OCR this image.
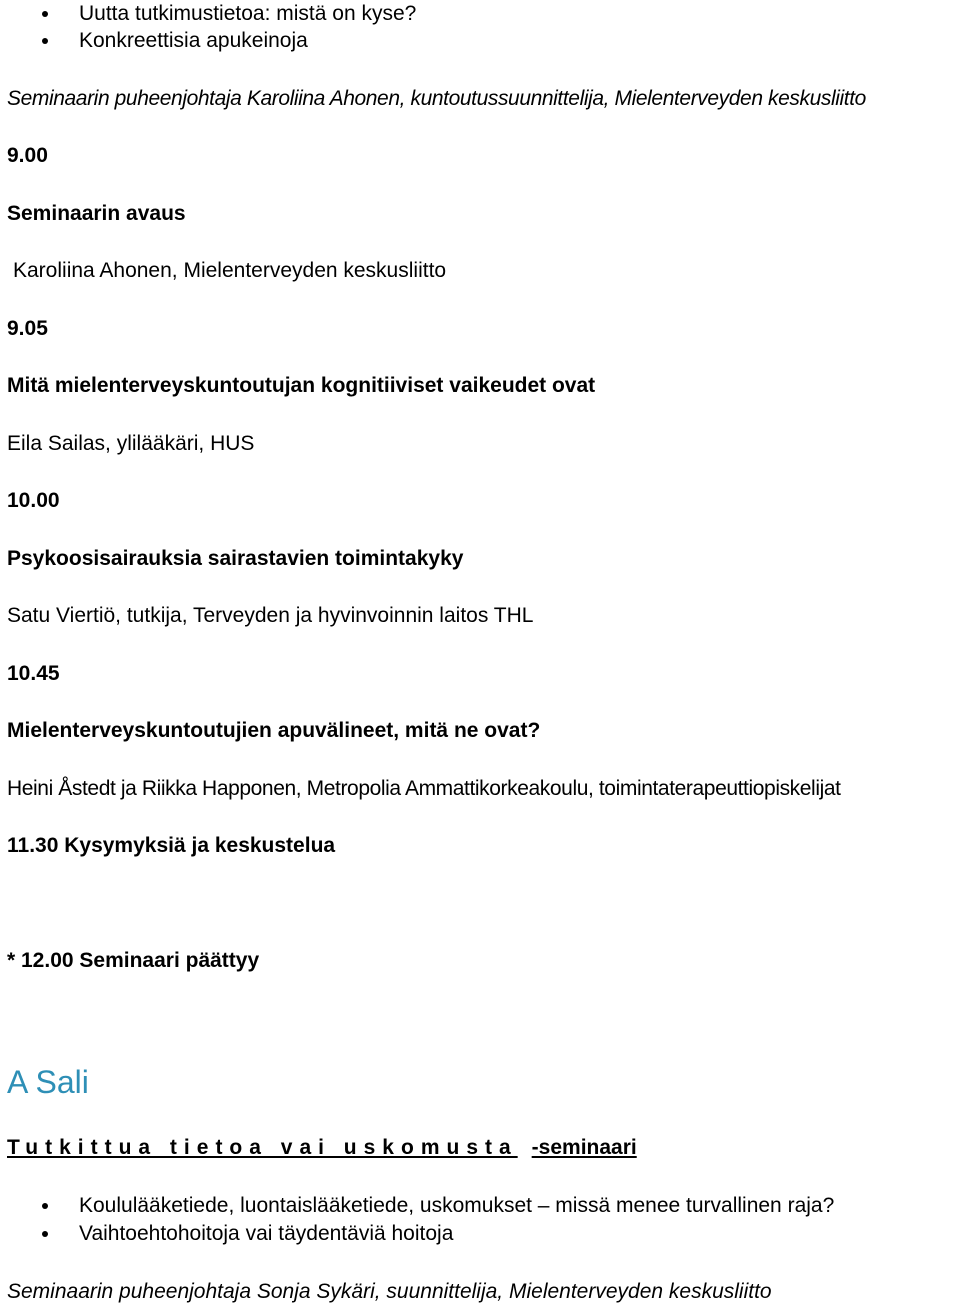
Uutta tutkimustietoa: mistä on kyse?
Konkreettisia apukeinoja
Seminaarin puheenjohtaja Karoliina Ahonen, kuntoutussuunnittelija, Mielenterveyden keskusliitto
9.00
Seminaarin avaus
Karoliina Ahonen, Mielenterveyden keskusliitto
9.05
Mitä mielenterveyskuntoutujan kognitiiviset vaikeudet ovat
Eila Sailas, ylilääkäri, HUS
10.00
Psykoosisairauksia sairastavien toimintakyky
Satu Viertiö, tutkija, Terveyden ja hyvinvoinnin laitos THL
10.45
Mielenterveyskuntoutujien apuvälineet, mitä ne ovat?
Heini Åstedt ja Riikka Happonen, Metropolia Ammattikorkeakoulu, toimintaterapeuttiopiskelijat
11.30 Kysymyksiä ja keskustelua
* 12.00 Seminaari päättyy
A Sali
Tutkittua tietoa vai uskomusta -seminaari
Koululääketiede, luontaislääketiede, uskomukset – missä menee turvallinen raja?
Vaihtoehtohoitoja vai täydentäviä hoitoja
Seminaarin puheenjohtaja Sonja Sykäri, suunnittelija, Mielenterveyden keskusliitto
